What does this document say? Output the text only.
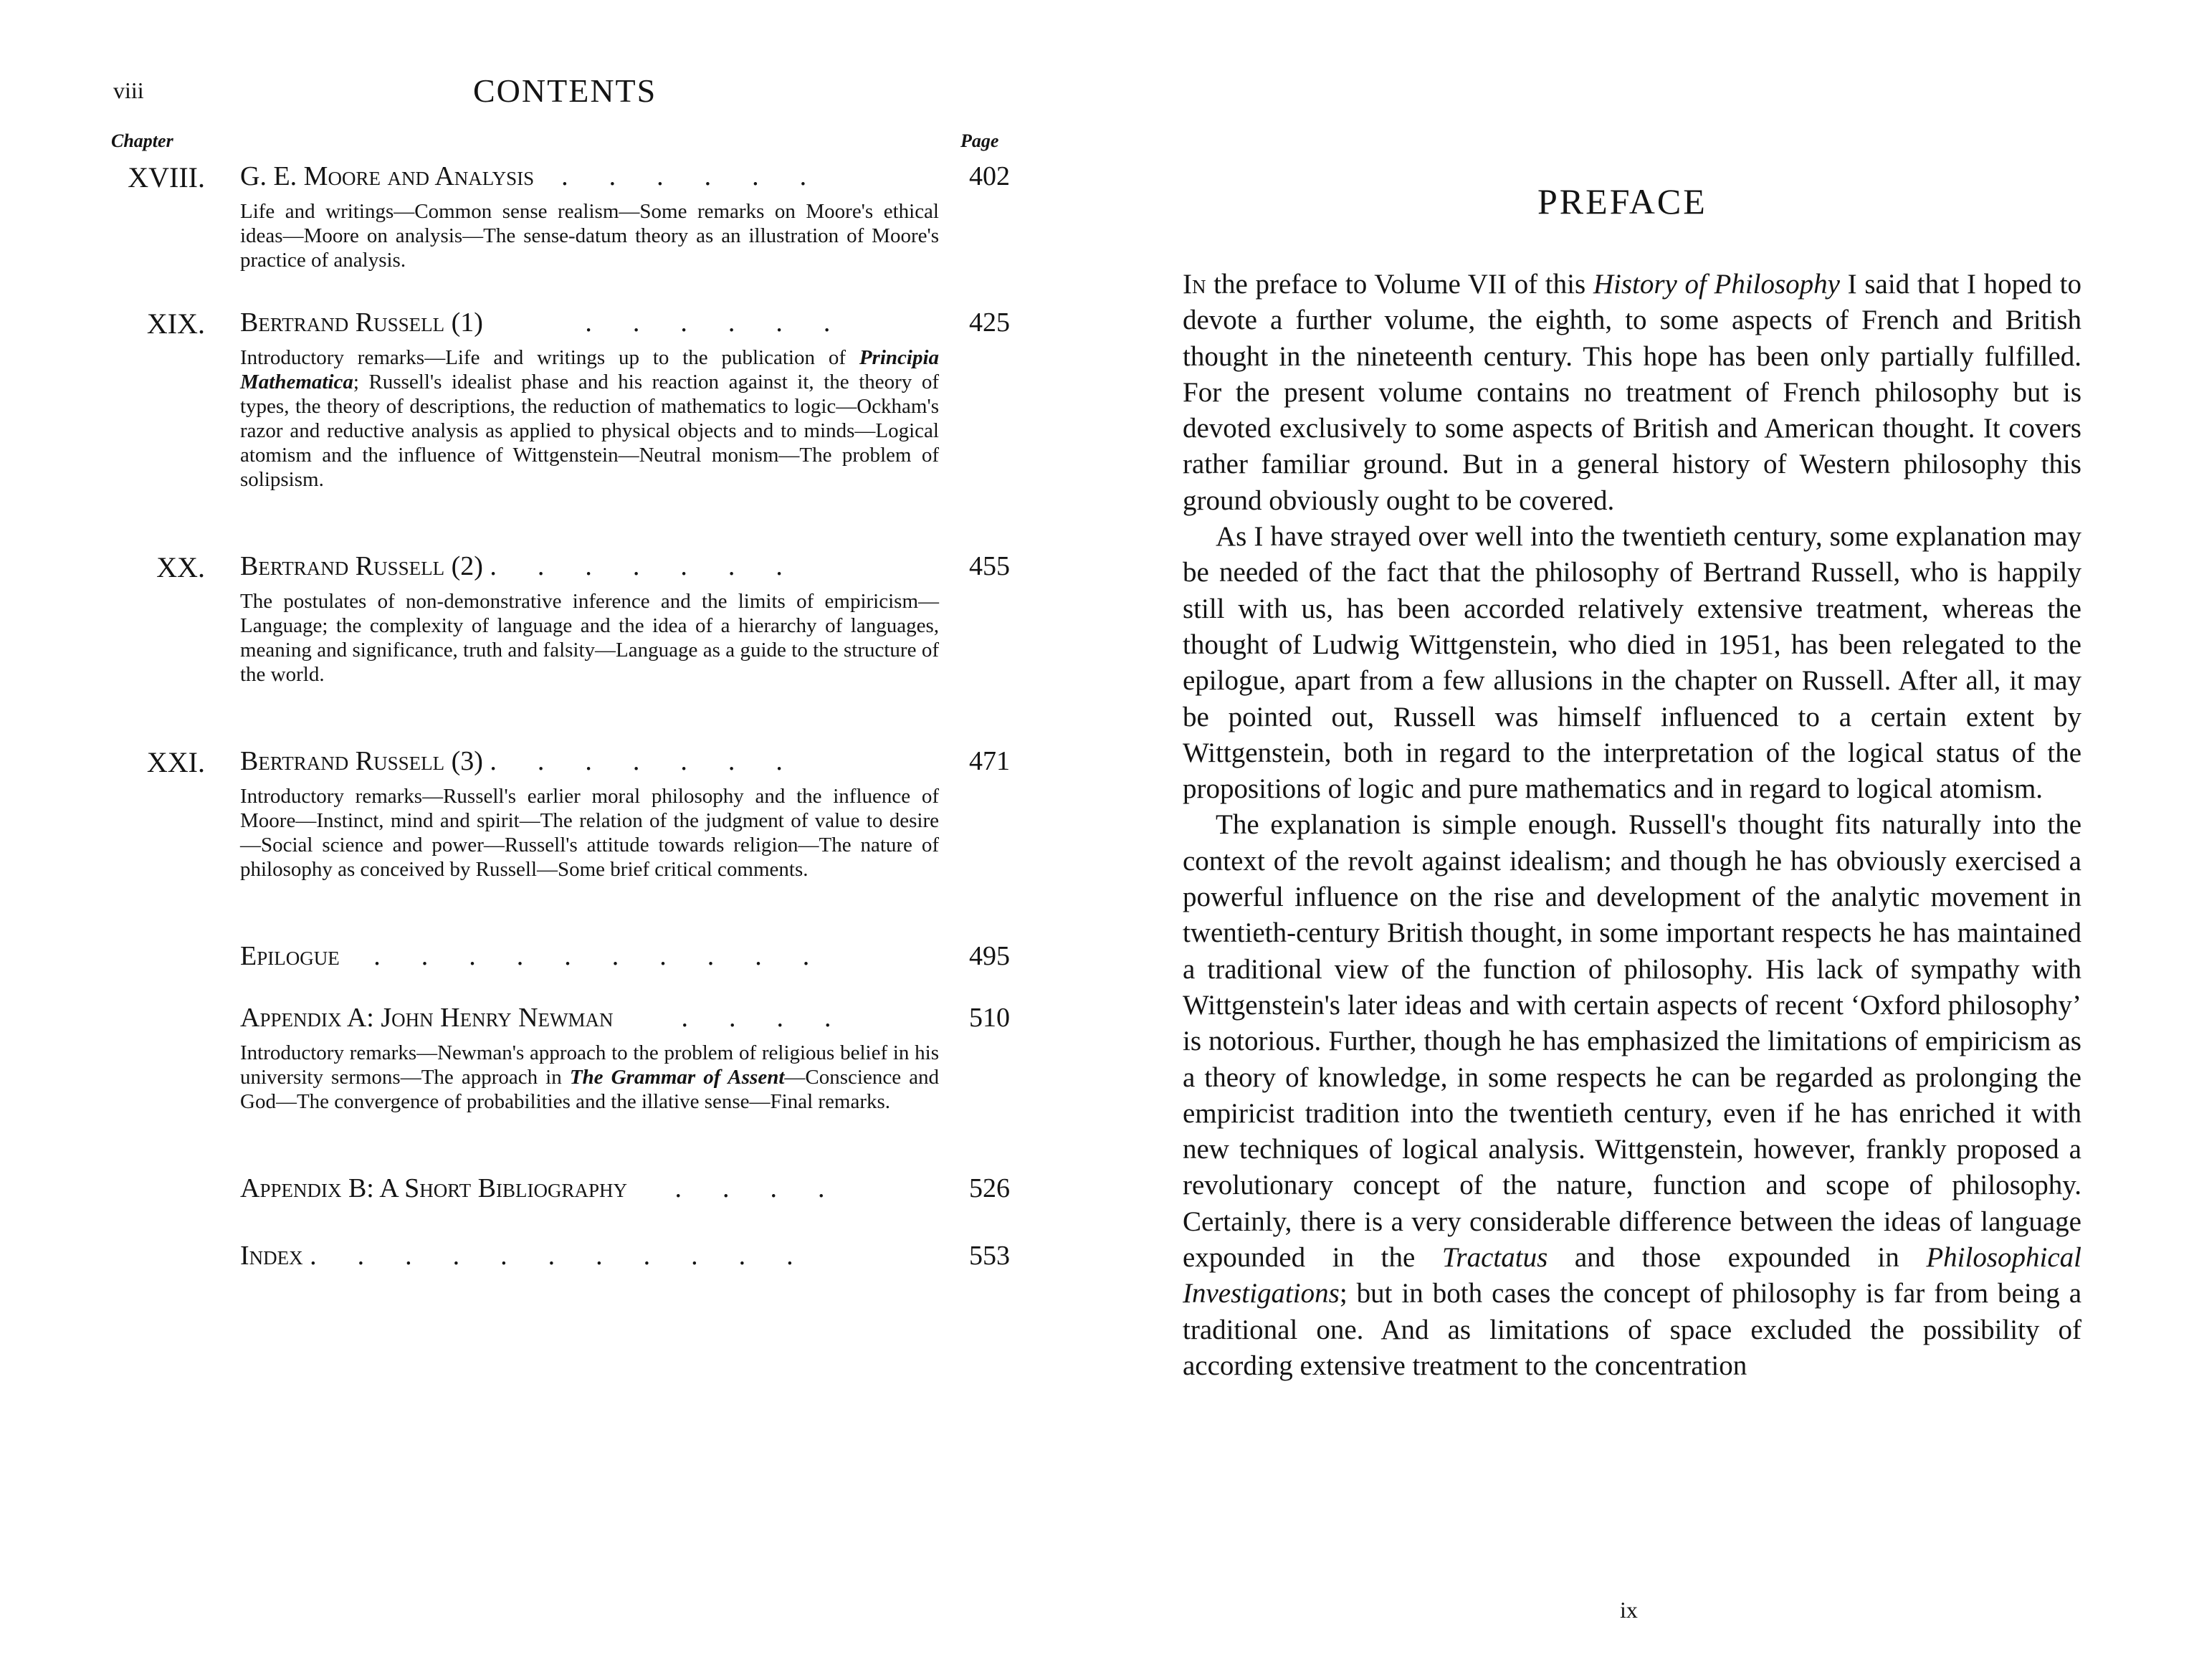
viii	CONTENTS
Chapter	Page
XVIII. G. E. Moore and Analysis    .      .      .      .      .      .	402
Life and writings—Common sense realism—Some remarks on Moore's ethical ideas—Moore on analysis—The sense-datum theory as an illustration of Moore's practice of analysis.
XIX. Bertrand Russell (1)               .      .      .      .      .      .	425
Introductory remarks—Life and writings up to the publication of Principia Mathematica; Russell's idealist phase and his reaction against it, the theory of types, the theory of descriptions, the reduction of mathematics to logic—Ockham's razor and reductive analysis as applied to physical objects and to minds—Logical atomism and the influence of Wittgenstein—Neutral monism—The problem of solipsism.
XX. Bertrand Russell (2) .      .      .      .      .      .      .	455
The postulates of non-demonstrative inference and the limits of empiricism—Language; the complexity of language and the idea of a hierarchy of languages, meaning and significance, truth and falsity—Language as a guide to the structure of the world.
XXI. Bertrand Russell (3) .      .      .      .      .      .      .	471
Introductory remarks—Russell's earlier moral philosophy and the influence of Moore—Instinct, mind and spirit—The relation of the judgment of value to desire—Social science and power—Russell's attitude towards religion—The nature of philosophy as conceived by Russell—Some brief critical comments.
Epilogue     .      .      .      .      .      .      .      .      .      .	495
Appendix A: John Henry Newman          .      .      .      .	510
Introductory remarks—Newman's approach to the problem of religious belief in his university sermons—The approach in The Grammar of Assent—Conscience and God—The convergence of probabilities and the illative sense—Final remarks.
Appendix B: A Short Bibliography       .      .      .      .	526
Index .      .      .      .      .      .      .      .      .      .      .	553
PREFACE

In the preface to Volume VII of this History of Philosophy I said that I hoped to devote a further volume, the eighth, to some aspects of French and British thought in the nineteenth century. This hope has been only partially fulfilled. For the present volume contains no treatment of French philosophy but is devoted exclusively to some aspects of British and American thought. It covers rather familiar ground. But in a general history of Western philosophy this ground obviously ought to be covered.

As I have strayed over well into the twentieth century, some explanation may be needed of the fact that the philosophy of Bertrand Russell, who is happily still with us, has been accorded relatively extensive treatment, whereas the thought of Ludwig Wittgenstein, who died in 1951, has been relegated to the epilogue, apart from a few allusions in the chapter on Russell. After all, it may be pointed out, Russell was himself influenced to a certain extent by Wittgenstein, both in regard to the interpretation of the logical status of the propositions of logic and pure mathematics and in regard to logical atomism.

The explanation is simple enough. Russell's thought fits naturally into the context of the revolt against idealism; and though he has obviously exercised a powerful influence on the rise and development of the analytic movement in twentieth-century British thought, in some important respects he has maintained a traditional view of the function of philosophy. His lack of sympathy with Wittgenstein's later ideas and with certain aspects of recent ‘Oxford philosophy’ is notorious. Further, though he has emphasized the limitations of empiricism as a theory of knowledge, in some respects he can be regarded as prolonging the empiricist tradition into the twentieth century, even if he has enriched it with new techniques of logical analysis. Wittgenstein, however, frankly proposed a revolutionary concept of the nature, function and scope of philosophy. Certainly, there is a very considerable difference between the ideas of language expounded in the Tractatus and those expounded in Philosophical Investigations; but in both cases the concept of philosophy is far from being a traditional one. And as limitations of space excluded the possibility of according extensive treatment to the concentration

ix
